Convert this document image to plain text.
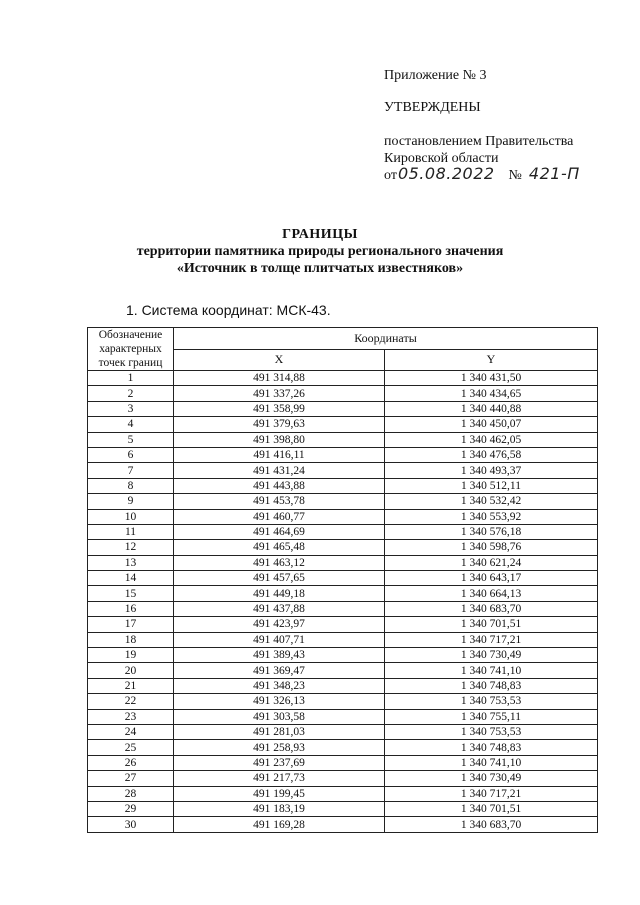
Приложение № 3
УТВЕРЖДЕНЫ
постановлением Правительства Кировской области
от 05.08.2022 № 421-П
ГРАНИЦЫ
территории памятника природы регионального значения
«Источник в толще плитчатых известняков»
1. Система координат: МСК-43.
Обозначение характерных точек границ	Координаты	
	X	Y
1	491 314,88	1 340 431,50
2	491 337,26	1 340 434,65
3	491 358,99	1 340 440,88
4	491 379,63	1 340 450,07
5	491 398,80	1 340 462,05
6	491 416,11	1 340 476,58
7	491 431,24	1 340 493,37
8	491 443,88	1 340 512,11
9	491 453,78	1 340 532,42
10	491 460,77	1 340 553,92
11	491 464,69	1 340 576,18
12	491 465,48	1 340 598,76
13	491 463,12	1 340 621,24
14	491 457,65	1 340 643,17
15	491 449,18	1 340 664,13
16	491 437,88	1 340 683,70
17	491 423,97	1 340 701,51
18	491 407,71	1 340 717,21
19	491 389,43	1 340 730,49
20	491 369,47	1 340 741,10
21	491 348,23	1 340 748,83
22	491 326,13	1 340 753,53
23	491 303,58	1 340 755,11
24	491 281,03	1 340 753,53
25	491 258,93	1 340 748,83
26	491 237,69	1 340 741,10
27	491 217,73	1 340 730,49
28	491 199,45	1 340 717,21
29	491 183,19	1 340 701,51
30	491 169,28	1 340 683,70
